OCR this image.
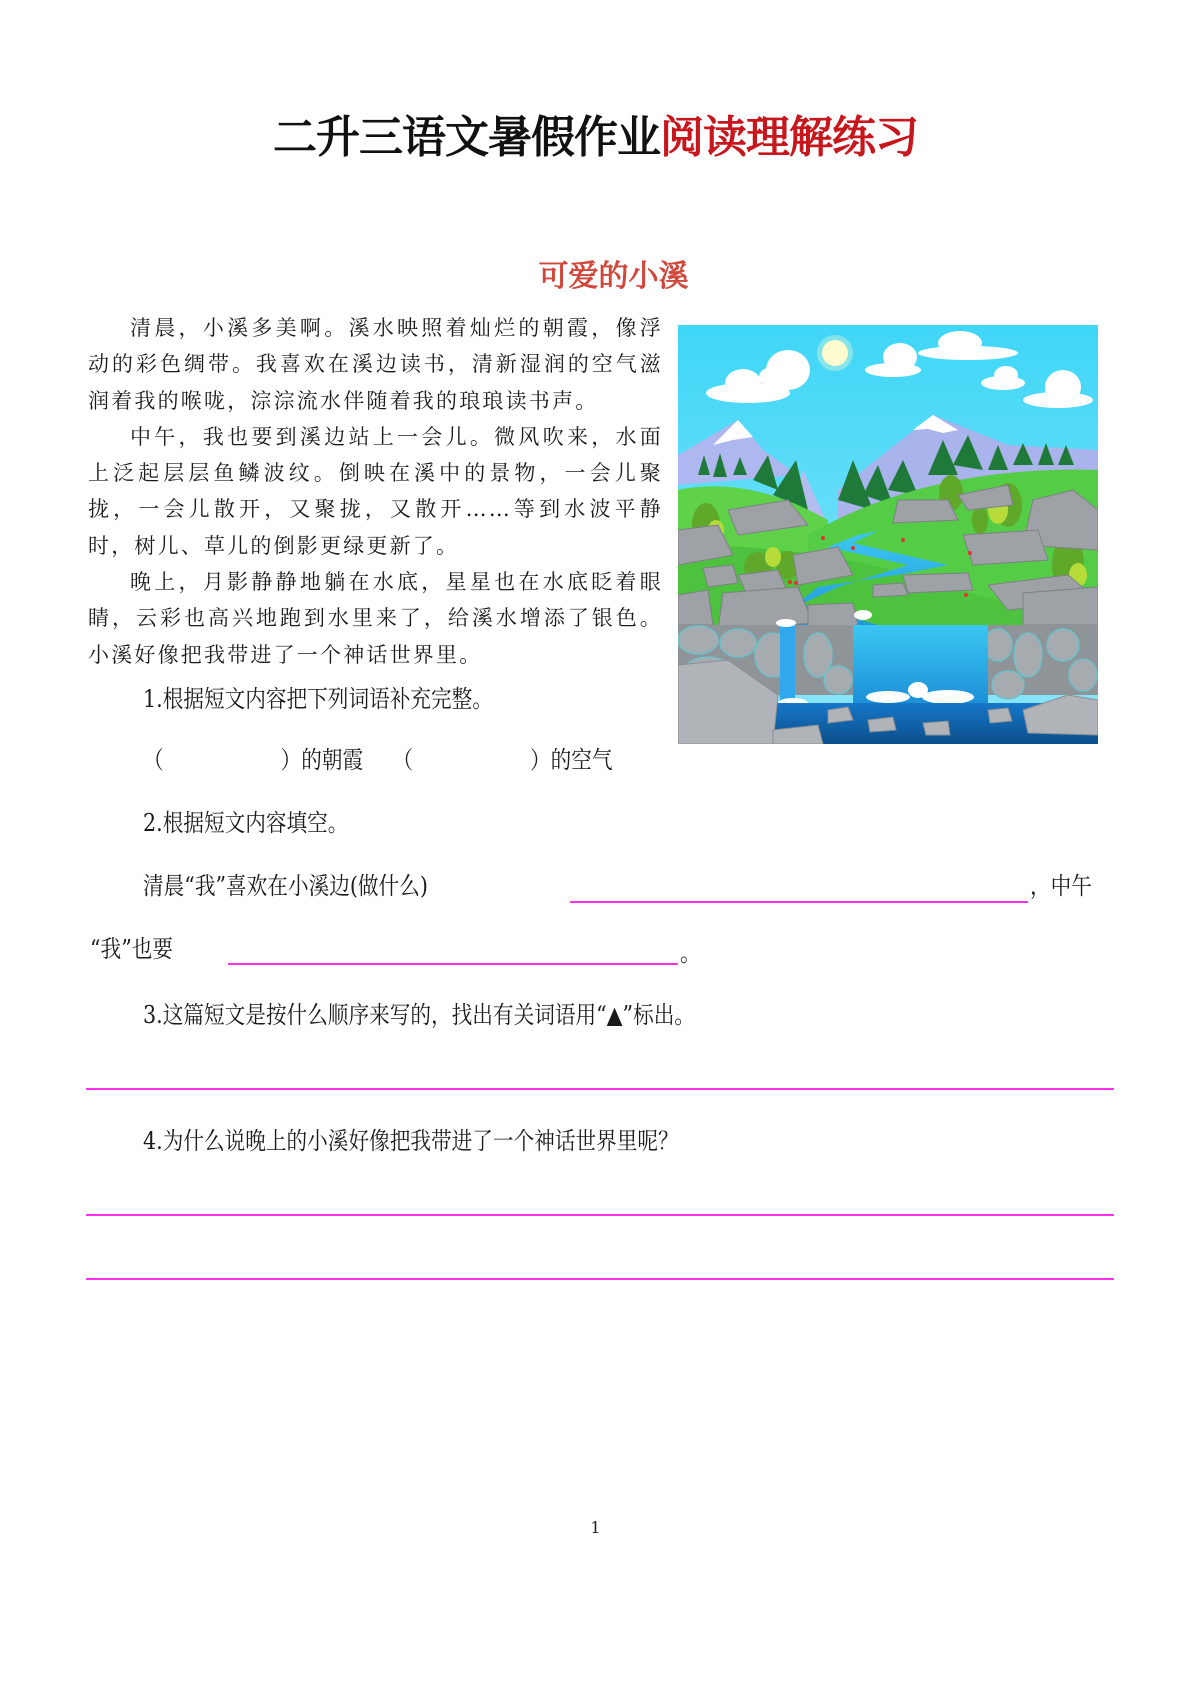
二升三语文暑假作业阅读理解练习
可爱的小溪

清晨，小溪多美啊。溪水映照着灿烂的朝霞，像浮动的彩色绸带。我喜欢在溪边读书，清新湿润的空气滋润着我的喉咙，淙淙流水伴随着我的琅琅读书声。

中午，我也要到溪边站上一会儿。微风吹来，水面上泛起层层鱼鳞波纹。倒映在溪中的景物，一会儿聚拢，一会儿散开，又聚拢，又散开……等到水波平静时，树儿、草儿的倒影更绿更新了。

晚上，月影静静地躺在水底，星星也在水底眨着眼睛，云彩也高兴地跑到水里来了，给溪水增添了银色。小溪好像把我带进了一个神话世界里。

1.根据短文内容把下列词语补充完整。
（	）的朝霞 （	）的空气
2.根据短文内容填空。
清晨“我”喜欢在小溪边(做什么)	，中午
“我”也要	。
3.这篇短文是按什么顺序来写的，找出有关词语用“▲”标出。
4.为什么说晚上的小溪好像把我带进了一个神话世界里呢？
1
